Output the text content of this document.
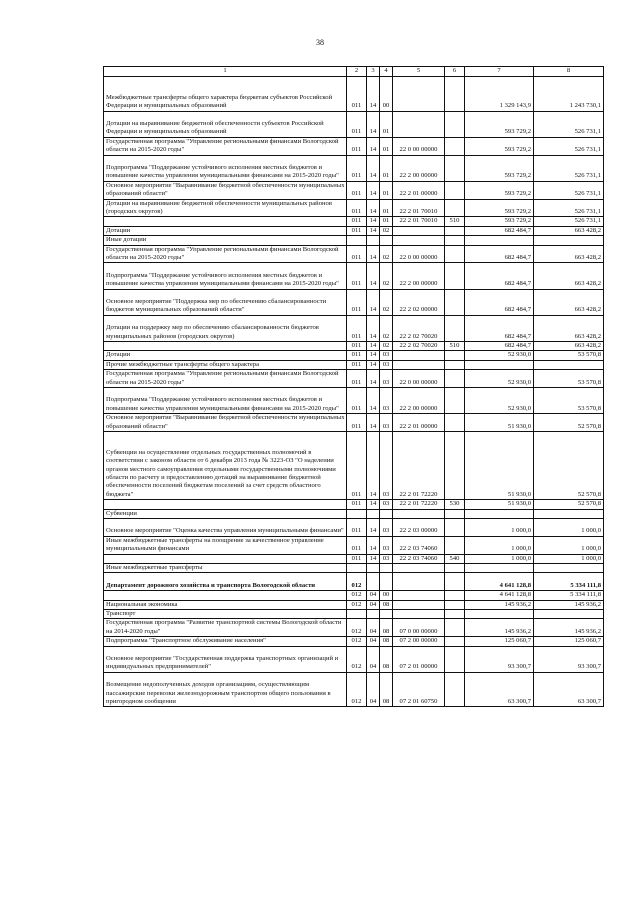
38
1	2	3	4	5	6	7	8
Межбюджетные трансферты общего характера бюджетам субъектов Российской Федерации и муниципальных образований	011	14	00			1 329 143,9	1 243 730,1
Дотации на выравнивание бюджетной обеспеченности субъектов Российской Федерации и муниципальных образований	011	14	01			593 729,2	526 731,1
Государственная программа "Управление региональными финансами Вологодской области на 2015-2020 годы"	011	14	01	22 0 00 00000		593 729,2	526 731,1
Подпрограмма "Поддержание устойчивого исполнения местных бюджетов и повышение качества управления муниципальными финансами на 2015-2020 годы"	011	14	01	22 2 00 00000		593 729,2	526 731,1
Основное мероприятие "Выравнивание бюджетной обеспеченности муниципальных образований области"	011	14	01	22 2 01 00000		593 729,2	526 731,1
Дотации на выравнивание бюджетной обеспеченности муниципальных районов (городских округов)	011	14	01	22 2 01 70010		593 729,2	526 731,1
	011	14	01	22 2 01 70010	510	593 729,2	526 731,1
Дотации	011	14	02			682 484,7	663 428,2
Иные дотации							
Государственная программа "Управление региональными финансами Вологодской области на 2015-2020 годы"	011	14	02	22 0 00 00000		682 484,7	663 428,2
Подпрограмма "Поддержание устойчивого исполнения местных бюджетов и повышение качества управления муниципальными финансами на 2015-2020 годы"	011	14	02	22 2 00 00000		682 484,7	663 428,2
Основное мероприятие "Поддержка мер по обеспечению сбалансированности бюджетов муниципальных образований области"	011	14	02	22 2 02 00000		682 484,7	663 428,2
Дотации на поддержку мер по обеспечению сбалансированности бюджетов муниципальных районов (городских округов)	011	14	02	22 2 02 70020		682 484,7	663 428,2
	011	14	02	22 2 02 70020	510	682 484,7	663 428,2
Дотации	011	14	03			52 930,0	53 570,8
Прочие межбюджетные трансферты общего характера	011	14	03				
Государственная программа "Управление региональными финансами Вологодской области на 2015-2020 годы"	011	14	03	22 0 00 00000		52 930,0	53 570,8
Подпрограмма "Поддержание устойчивого исполнения местных бюджетов и повышение качества управления муниципальными финансами на 2015-2020 годы"	011	14	03	22 2 00 00000		52 930,0	53 570,8
Основное мероприятие "Выравнивание бюджетной обеспеченности муниципальных образований области"	011	14	03	22 2 01 00000		51 930,0	52 570,8
Субвенции на осуществление отдельных государственных полномочий в соответствии с законом области от 6 декабря 2013 года № 3223-ОЗ "О наделении органов местного самоуправления отдельными государственными полномочиями области по расчету и предоставлению дотаций на выравнивание бюджетной обеспеченности поселений бюджетам поселений за счет средств областного бюджета"	011	14	03	22 2 01 72220		51 930,0	52 570,8
	011	14	03	22 2 01 72220	530	51 930,0	52 570,8
Субвенции							
Основное мероприятие "Оценка качества управления муниципальными финансами"	011	14	03	22 2 03 00000		1 000,0	1 000,0
Иные межбюджетные трансферты на поощрение за качественное управление муниципальными финансами	011	14	03	22 2 03 74060		1 000,0	1 000,0
	011	14	03	22 2 03 74060	540	1 000,0	1 000,0
Иные межбюджетные трансферты							
Департамент дорожного хозяйства и транспорта Вологодской области	012					4 641 128,8	5 334 111,8
	012	04	00			4 641 128,8	5 334 111,8
Национальная экономика	012	04	08			145 936,2	145 936,2
Транспорт							
Государственная программа "Развитие транспортной системы Вологодской области на 2014-2020 годы"	012	04	08	07 0 00 00000		145 936,2	145 936,2
Подпрограмма "Транспортное обслуживание населения"	012	04	08	07 2 00 00000		125 060,7	125 060,7
Основное мероприятие "Государственная поддержка транспортных организаций и индивидуальных предпринимателей"	012	04	08	07 2 01 00000		93 300,7	93 300,7
Возмещение недополученных доходов организациям, осуществляющим пассажирские перевозки железнодорожным транспортом общего пользования в пригородном сообщении	012	04	08	07 2 01 60750		63 300,7	63 300,7
